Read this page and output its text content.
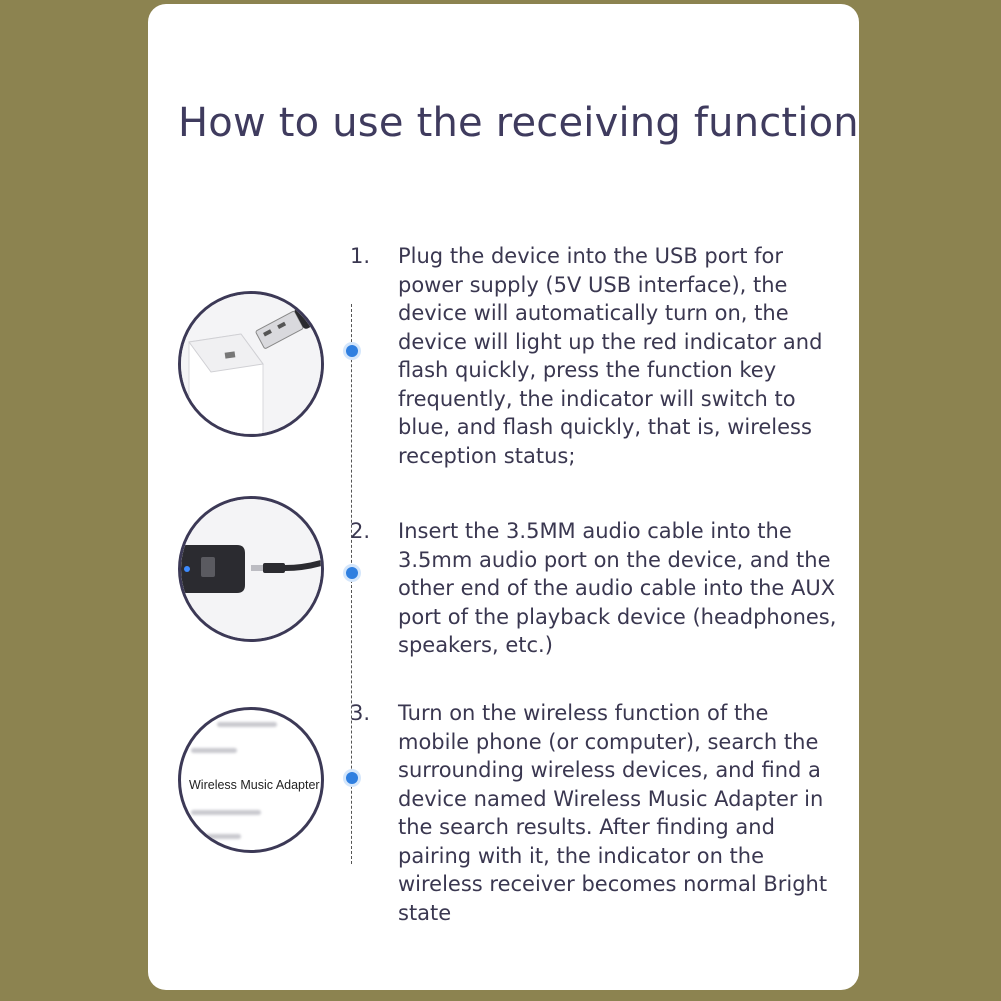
How to use the receiving function
1. Plug the device into the USB port for power supply (5V USB interface), the device will automatically turn on, the device will light up the red indicator and flash quickly, press the function key frequently, the indicator will switch to blue, and flash quickly, that is, wireless reception status;
2. Insert the 3.5MM audio cable into the 3.5mm audio port on the device, and the other end of the audio cable into the AUX port of the playback device (headphones, speakers, etc.)
Wireless Music Adapter
3. Turn on the wireless function of the mobile phone (or computer), search the surrounding wireless devices, and find a device named Wireless Music Adapter in the search results. After finding and pairing with it, the indicator on the wireless receiver becomes normal Bright state
